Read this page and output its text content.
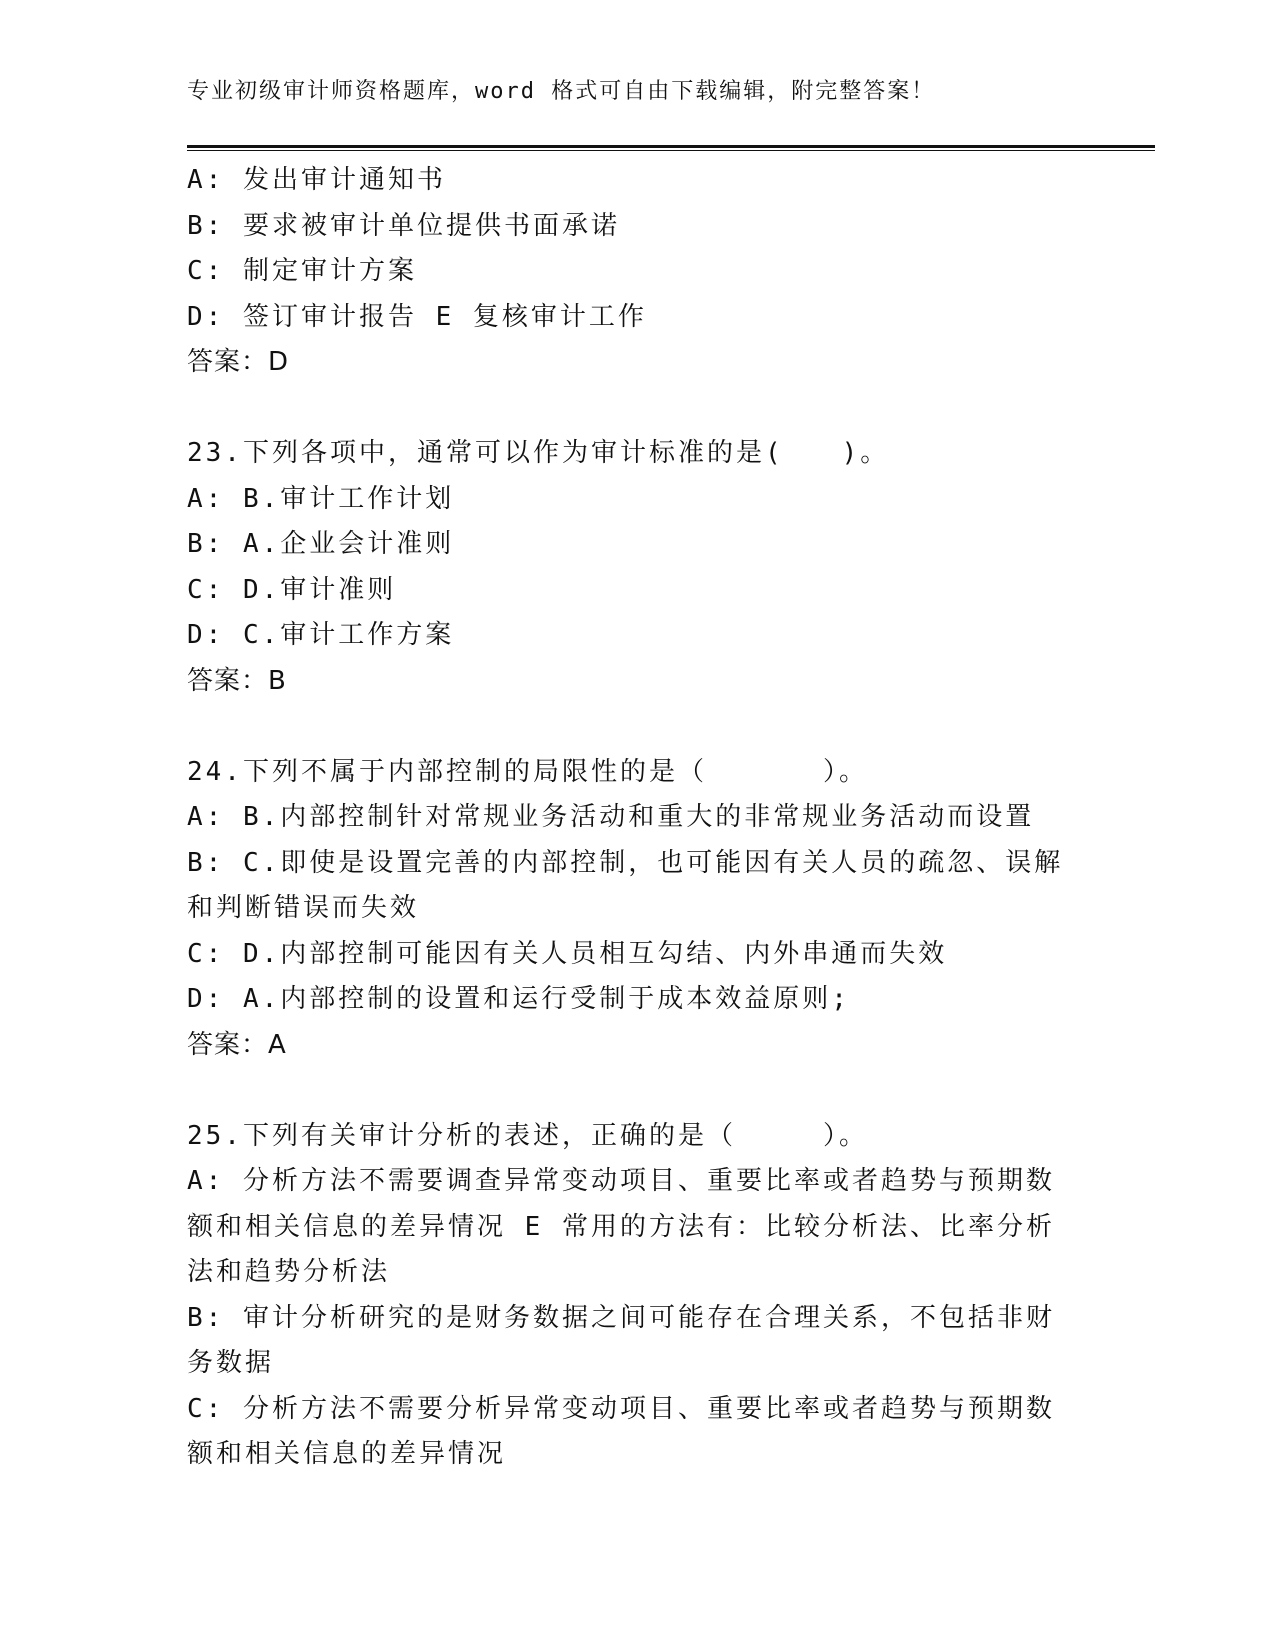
专业初级审计师资格题库，word 格式可自由下载编辑，附完整答案！
A: 发出审计通知书
B: 要求被审计单位提供书面承诺
C: 制定审计方案
D: 签订审计报告 E 复核审计工作
答案：D
23.下列各项中，通常可以作为审计标准的是(　　)。
A: B.审计工作计划
B: A.企业会计准则
C: D.审计准则
D: C.审计工作方案
答案：B
24.下列不属于内部控制的局限性的是（　　　　）。
A: B.内部控制针对常规业务活动和重大的非常规业务活动而设置
B: C.即使是设置完善的内部控制，也可能因有关人员的疏忽、误解和判断错误而失效
C: D.内部控制可能因有关人员相互勾结、内外串通而失效
D: A.内部控制的设置和运行受制于成本效益原则;
答案：A
25.下列有关审计分析的表述，正确的是（　　　）。
A: 分析方法不需要调查异常变动项目、重要比率或者趋势与预期数额和相关信息的差异情况 E 常用的方法有：比较分析法、比率分析法和趋势分析法
B: 审计分析研究的是财务数据之间可能存在合理关系，不包括非财务数据
C: 分析方法不需要分析异常变动项目、重要比率或者趋势与预期数额和相关信息的差异情况
